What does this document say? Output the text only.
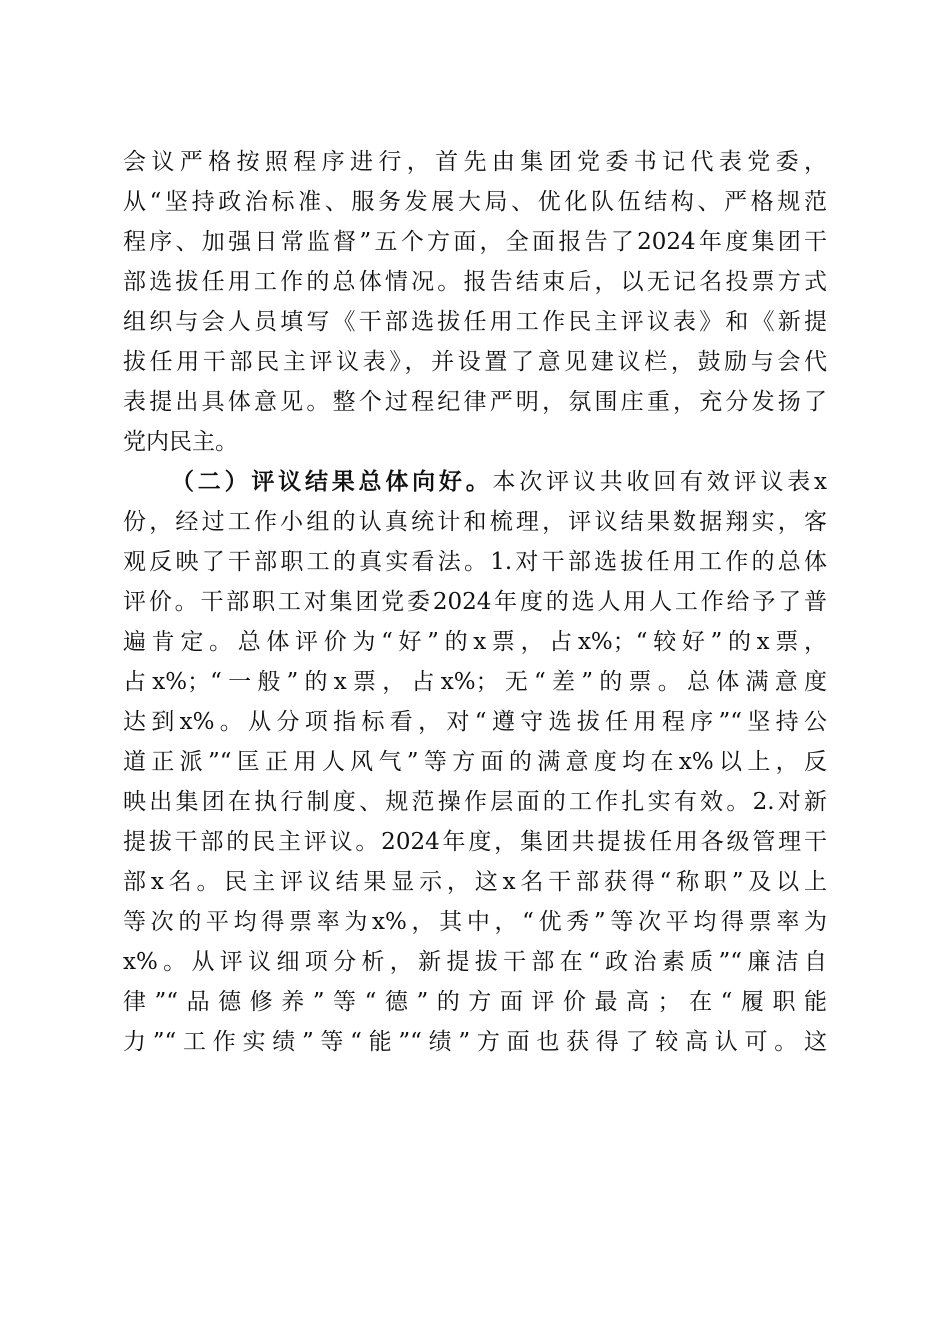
会议严格按照程序进行，首先由集团党委书记代表党委，
从“坚持政治标准、服务发展大局、优化队伍结构、严格规范
程序、加强日常监督”五个方面，全面报告了2024年度集团干
部选拔任用工作的总体情况。报告结束后，以无记名投票方式
组织与会人员填写《干部选拔任用工作民主评议表》和《新提
拔任用干部民主评议表》，并设置了意见建议栏，鼓励与会代
表提出具体意见。整个过程纪律严明，氛围庄重，充分发扬了
党内民主。
（二）评议结果总体向好。本次评议共收回有效评议表x
份，经过工作小组的认真统计和梳理，评议结果数据翔实，客
观反映了干部职工的真实看法。1.对干部选拔任用工作的总体
评价。干部职工对集团党委2024年度的选人用人工作给予了普
遍肯定。总体评价为“好”的x票，占x%；“较好”的x票，
占x%；“一般”的x票，占x%；无“差”的票。总体满意度
达到x%。从分项指标看，对“遵守选拔任用程序”“坚持公
道正派”“匡正用人风气”等方面的满意度均在x%以上，反
映出集团在执行制度、规范操作层面的工作扎实有效。2.对新
提拔干部的民主评议。2024年度，集团共提拔任用各级管理干
部x名。民主评议结果显示，这x名干部获得“称职”及以上
等次的平均得票率为x%，其中，“优秀”等次平均得票率为
x%。从评议细项分析，新提拔干部在“政治素质”“廉洁自
律”“品德修养”等“德”的方面评价最高；在“履职能
力”“工作实绩”等“能”“绩”方面也获得了较高认可。这
